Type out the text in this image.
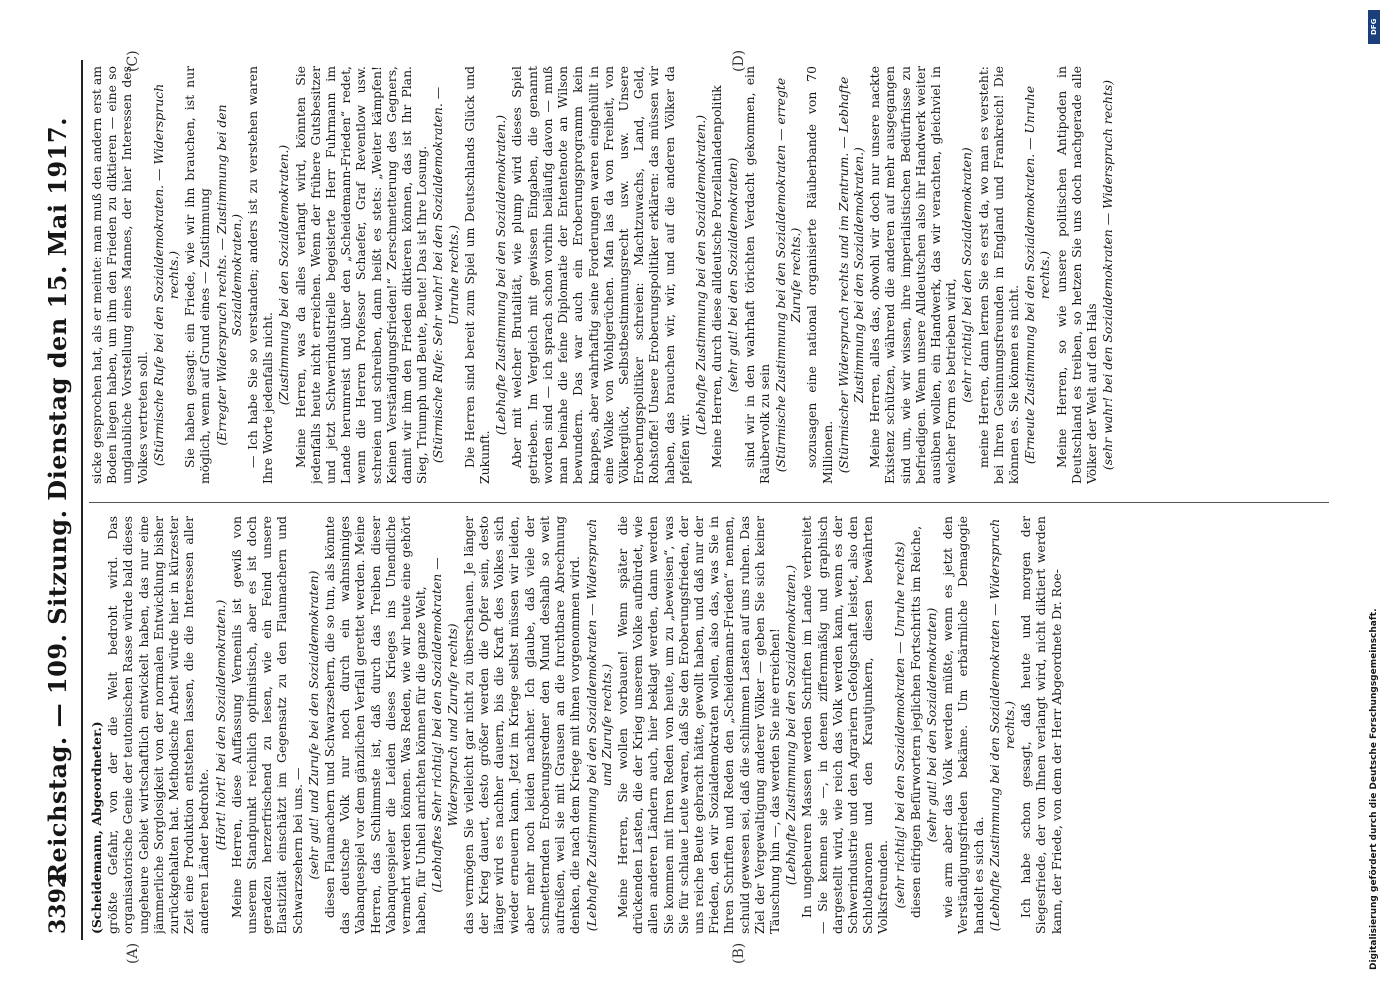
3392
Reichstag. — 109. Sitzung. Dienstag den 15. Mai 1917. (Scheidemann, Abgeordneter.) größte Gefahr, von der die Welt bedroht wird. Das organisatorische Genie der teutonischen Rasse würde bald dieses ungeheure Gebiet wirtschaftlich entwickelt haben, das nur eine jämmerliche Sorglosigkeit von der normalen Entwicklung bisher zurückgehalten hat. Methodische Arbeit würde hier in kürzester Zeit eine Produktion entstehen lassen, die die Interessen aller anderen Länder bedrohte.

(Hört! hört! bei den Sozialdemokraten.) Meine Herren, diese Auffassung Vernenils ist gewiß von unserem Standpunkt reichlich optimistisch, aber es ist doch geradezu herzerfrischend zu lesen, wie ein Feind unsere Elastizität einschätzt im Gegensatz zu den Flaumachern und Schwarzsehern bei uns. — (sehr gut! und Zurufe bei den Sozialdemokraten) diesen Flaumachern und Schwarzsehern, die so tun, als könnte das deutsche Volk nur noch durch ein wahnsinniges Vabanquespiel vor dem gänzlichen Verfall gerettet werden. Meine Herren, das Schlimmste ist, daß durch das Treiben dieser Vabanquespieler die Leiden dieses Krieges ins Unendliche vermehrt werden können. Was Reden, wie wir heute eine gehört haben, für Unheil anrichten können für die ganze Welt, (Lebhaftes Sehr richtig! bei den Sozialdemokraten — Widerspruch und Zurufe rechts) das vermögen Sie vielleicht gar nicht zu überschauen. Je länger der Krieg dauert, desto größer werden die Opfer sein, desto länger wird es nachher dauern, bis die Kraft des Volkes sich wieder erneuern kann. Jetzt im Kriege selbst müssen wir leiden, aber mehr noch leiden nachher. Ich glaube, daß viele der schmetternden Eroberungsredner den Mund deshalb so weit aufreißen, weil sie mit Grausen an die furchtbare Abrechnung denken, die nach dem Kriege mit ihnen vorgenommen wird. (Lebhafte Zustimmung bei den Sozialdemokraten — Widerspruch und Zurufe rechts.) Meine Herren, Sie wollen vorbauen! Wenn später die drückenden Lasten, die der Krieg unserem Volke aufbürdet, wie allen anderen Ländern auch, hier beklagt werden, dann werden Sie kommen mit Ihren Reden von heute, um zu „beweisen“, was Sie für schlaue Leute waren, daß Sie den Eroberungsfrieden, der uns reiche Beute gebracht hätte, gewollt haben, und daß nur der Frieden, den wir Sozialdemokraten wollen, also das, was Sie in Ihren Schriften und Reden den „Scheidemann-Frieden“ nennen, schuld gewesen sei, daß die schlimmen Lasten auf uns ruhen. Das Ziel der Vergewaltigung anderer Völker — geben Sie sich keiner Täuschung hin —, das werden Sie nie erreichen! (Lebhafte Zustimmung bei den Sozialdemokraten.) In ungeheuren Massen werden Schriften im Lande verbreitet — Sie kennen sie —, in denen ziffernmäßig und graphisch dargestellt wird, wie reich das Volk werden kann, wenn es der Schwerindustrie und den Agrariern Gefolgschaft leistet, also den Schlotbaronen und den Krautjunkern, diesen bewährten Volksfreunden. (sehr richtig! bei den Sozialdemokraten — Unruhe rechts) diesen eifrigen Befürwortern jeglichen Fortschritts im Reiche, (sehr gut! bei den Sozialdemokraten) wie arm aber das Volk werden müßte, wenn es jetzt den Verständigungsfrieden bekäme. Um erbärmliche Demagogie handelt es sich da. (Lebhafte Zustimmung bei den Sozialdemokraten — Widerspruch rechts.) Ich habe schon gesagt, daß heute und morgen der Siegesfriede, der von Ihnen verlangt wird, nicht diktiert werden kann, der Friede, von dem der Herr Abgeordnete Dr. Roe-

sicke gesprochen hat, als er meinte: man muß den andern erst am Boden liegen haben, um ihm den Frieden zu diktieren — eine so unglaubliche Vorstellung eines Mannes, der hier Interessen des Volkes vertreten soll. (Stürmische Rufe bei den Sozialdemokraten. — Widerspruch rechts.) Sie haben gesagt: ein Friede, wie wir ihn brauchen, ist nur möglich, wenn auf Grund eines — Zustimmung (Erregter Widerspruch rechts. — Zustimmung bei den Sozialdemokraten.) — Ich habe Sie so verstanden; anders ist zu verstehen waren Ihre Worte jedenfalls nicht. (Zustimmung bei den Sozialdemokraten.) Meine Herren, was da alles verlangt wird, könnten Sie jedenfalls heute nicht erreichen. Wenn der frühere Gutsbesitzer und jetzt Schwerindustrielle begeisterte Herr Fuhrmann im Lande herumreist und über den „Scheidemann-Frieden“ redet, wenn die Herren Professor Schaefer, Graf Reventlow usw. schreien und schreiben, dann heißt es stets: „Weiter kämpfen! Keinen Verständigungsfrieden!“ Zerschmetterung des Gegners, damit wir ihm den Frieden diktieren können, das ist Ihr Plan. Sieg, Triumph und Beute, Beute! Das ist Ihre Losung. (Stürmische Rufe: Sehr wahr! bei den Sozialdemokraten. — Unruhe rechts.) Die Herren sind bereit zum Spiel um Deutschlands Glück und Zukunft.

(Lebhafte Zustimmung bei den Sozialdemokraten.) Aber mit welcher Brutalität, wie plump wird dieses Spiel getrieben. Im Vergleich mit gewissen Eingaben, die genannt worden sind — ich sprach schon vorhin beiläufig davon — muß man beinahe die feine Diplomatie der Ententenote an Wilson bewundern. Das war auch ein Eroberungsprogramm kein knappes, aber wahrhaftig seine Forderungen waren eingehüllt in eine Wolke von Wohlgerüchen. Man las da von Freiheit, von Völkerglück, Selbstbestimmungsrecht usw. usw. Unsere Eroberungspolitiker schreien: Machtzuwachs, Land, Geld, Rohstoffe! Unsere Eroberungspolitiker erklären: das müssen wir haben, das brauchen wir, wir, und auf die anderen Völker da pfeifen wir.

(Lebhafte Zustimmung bei den Sozialdemokraten.) Meine Herren, durch diese alldeutsche Porzellanladenpolitik (sehr gut! bei den Sozialdemokraten) sind wir in den wahrhaft törichten Verdacht gekommen, ein Räubervolk zu sein (Stürmische Zustimmung bei den Sozialdemokraten — erregte Zurufe rechts.) sozusagen eine national organisierte Räuberbande von 70 Millionen. (Stürmischer Widerspruch rechts und im Zentrum. — Lebhafte Zustimmung bei den Sozialdemokraten.) Meine Herren, alles das, obwohl wir doch nur unsere nackte Existenz schützen, während die anderen auf mehr ausgegangen sind um, wie wir wissen, ihre imperialistischen Bedürfnisse zu befriedigen. Wenn unsere Alldeutschen also ihr Handwerk weiter ausüben wollen, ein Handwerk, das wir verachten, gleichviel in welcher Form es betrieben wird, (sehr richtig! bei den Sozialdemokraten) meine Herren, dann lernen Sie es erst da, wo man es versteht: bei Ihren Gesinnungsfreunden in England und Frankreich! Die können es. Sie können es nicht. (Erneute Zustimmung bei den Sozialdemokraten. — Unruhe rechts.) Meine Herren, so wie unsere politischen Antipoden in Deutschland es treiben, so hetzen Sie uns doch nachgerade alle Völker der Welt auf den Hals (sehr wahr! bei den Sozialdemokraten — Widerspruch rechts)

(A)	(B)
(C)	(D)
DFG
Digitalisierung gefördert durch die Deutsche Forschungsgemeinschaft.
